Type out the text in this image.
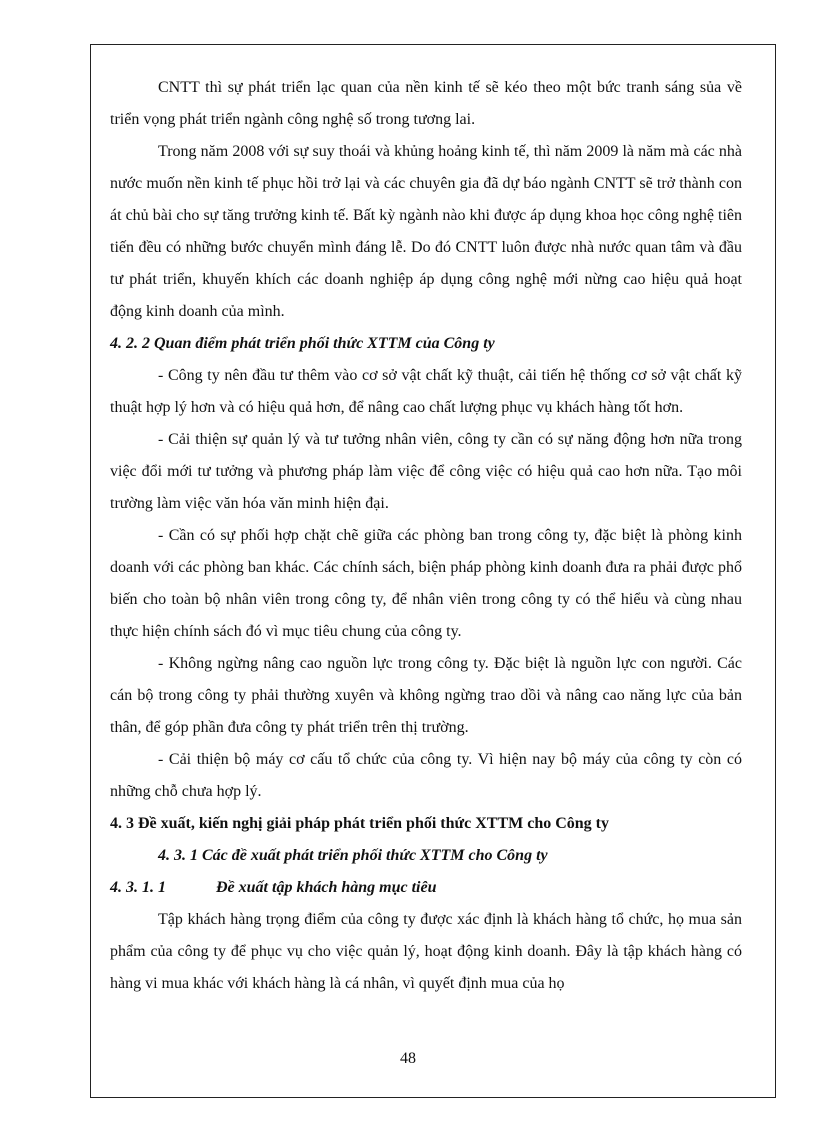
CNTT thì sự phát triển lạc quan của nền kinh tế sẽ kéo theo một bức tranh sáng sủa về triển vọng phát triển ngành công nghệ số trong tương lai.

Trong năm 2008 với sự suy thoái và khủng hoảng kinh tế, thì năm 2009 là năm mà các nhà nước muốn nền kinh tế phục hồi trở lại và các chuyên gia đã dự báo ngành CNTT sẽ trở thành con át chủ bài cho sự tăng trưởng kinh tế. Bất kỳ ngành nào khi được áp dụng khoa học công nghệ tiên tiến đều có những bước chuyển mình đáng lễ. Do đó CNTT luôn được nhà nước quan tâm và đầu tư phát triển, khuyến khích các doanh nghiệp áp dụng công nghệ mới nừng cao hiệu quả hoạt động kinh doanh của mình.

4. 2. 2 Quan điểm phát triển phối thức XTTM của Công ty

- Công ty nên đầu tư thêm vào cơ sở vật chất kỹ thuật, cải tiến hệ thống cơ sở vật chất kỹ thuật hợp lý hơn và có hiệu quả hơn, để nâng cao chất lượng phục vụ khách hàng tốt hơn.

- Cải thiện sự quản lý và tư tưởng nhân viên, công ty cần có sự năng động hơn nữa trong việc đổi mới tư tưởng và phương pháp làm việc để công việc có hiệu quả cao hơn nữa. Tạo môi trường làm việc văn hóa văn minh hiện đại.

- Cần có sự phối hợp chặt chẽ giữa các phòng ban trong công ty, đặc biệt là phòng kinh doanh với các phòng ban khác. Các chính sách, biện pháp phòng kinh doanh đưa ra phải được phổ biến cho toàn bộ nhân viên trong công ty, để nhân viên trong công ty có thể hiểu và cùng nhau thực hiện chính sách đó vì mục tiêu chung của công ty.

- Không ngừng nâng cao nguồn lực trong công ty. Đặc biệt là nguồn lực con người. Các cán bộ trong công ty phải thường xuyên và không ngừng trao dồi và nâng cao năng lực của bản thân, để góp phần đưa công ty phát triển trên thị trường.

- Cải thiện bộ máy cơ cấu tổ chức của công ty. Vì hiện nay bộ máy của công ty còn có những chỗ chưa hợp lý.

4. 3 Đề xuất, kiến nghị giải pháp phát triển phối thức XTTM cho Công ty

4. 3. 1 Các đề xuất phát triển phối thức XTTM cho Công ty

4. 3. 1. 1	Đề xuất tập khách hàng mục tiêu

Tập khách hàng trọng điểm của công ty được xác định là khách hàng tổ chức, họ mua sản phẩm của công ty để phục vụ cho việc quản lý, hoạt động kinh doanh. Đây là tập khách hàng có hàng vi mua khác với khách hàng là cá nhân, vì quyết định mua của họ

48
